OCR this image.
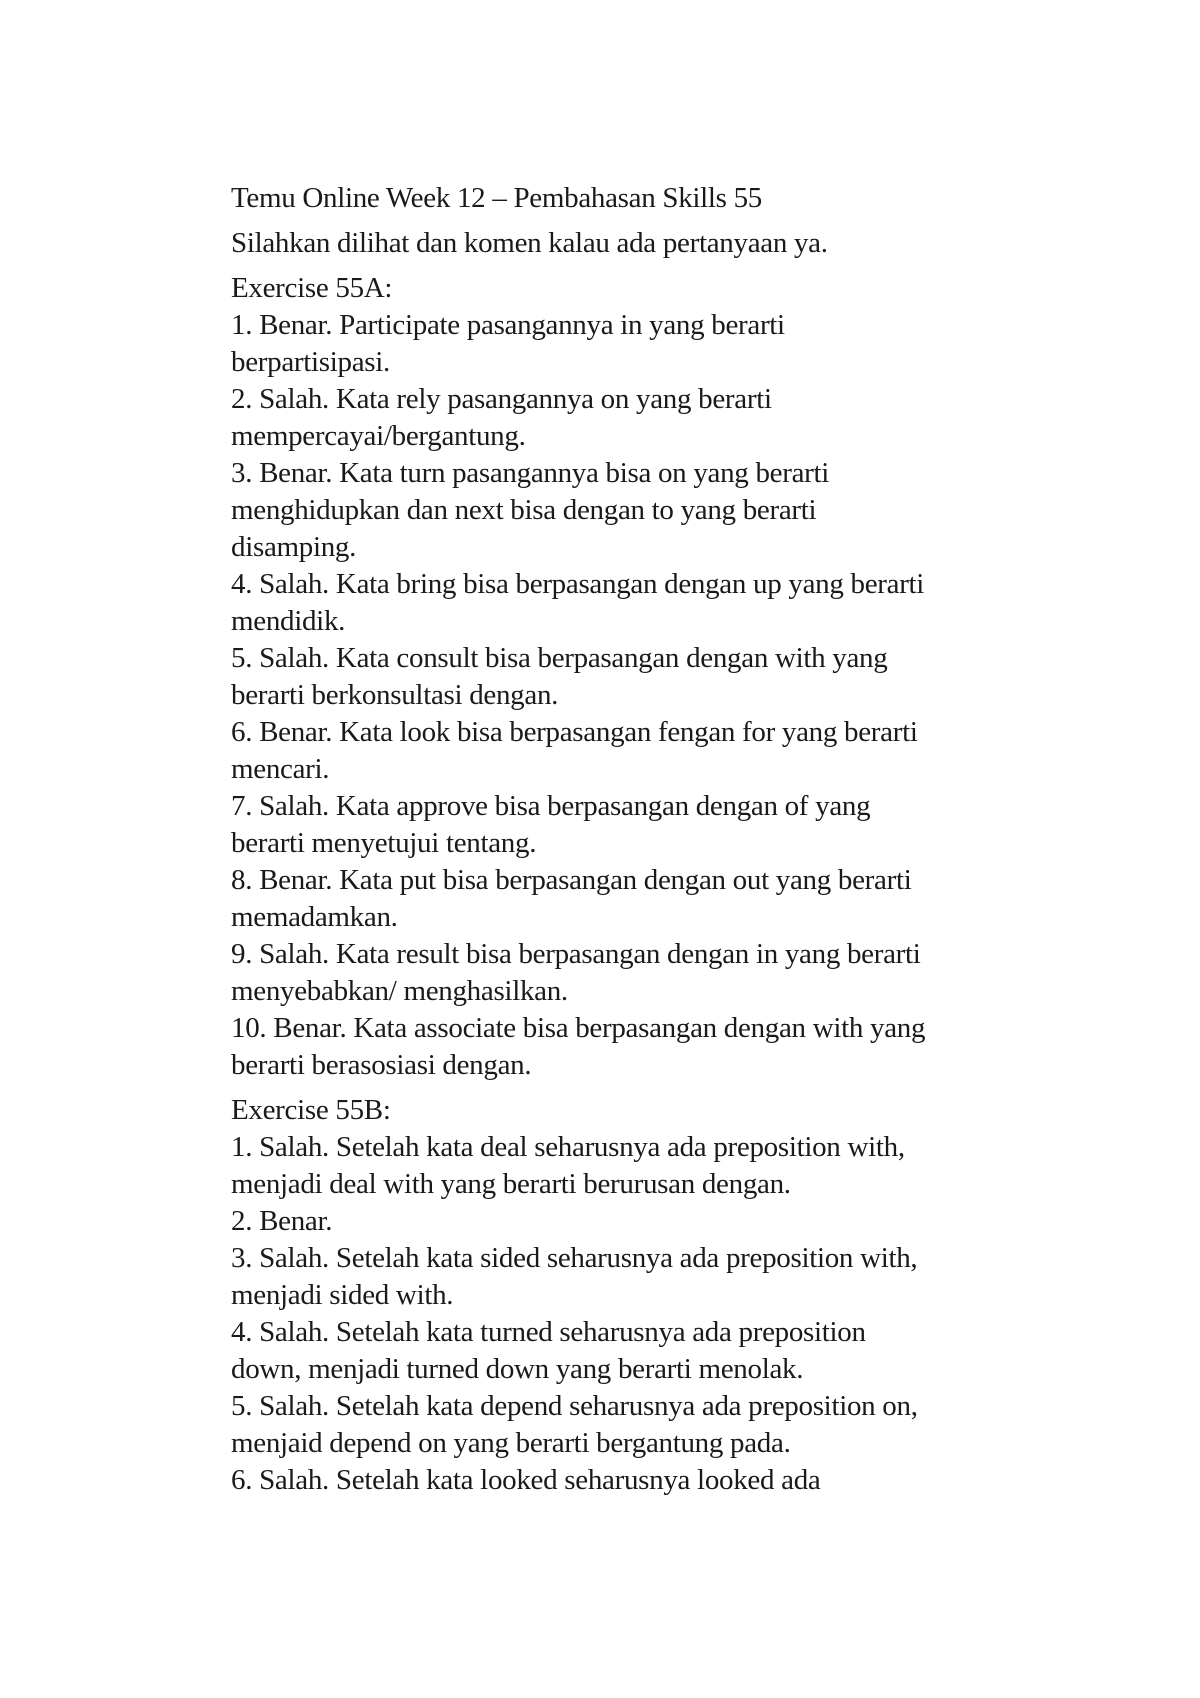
Temu Online Week 12 – Pembahasan Skills 55
Silahkan dilihat dan komen kalau ada pertanyaan ya.
Exercise 55A:
1. Benar. Participate pasangannya in yang berarti
berpartisipasi.
2. Salah. Kata rely pasangannya on yang berarti
mempercayai/bergantung.
3. Benar. Kata turn pasangannya bisa on yang berarti
menghidupkan dan next bisa dengan to yang berarti
disamping.
4. Salah. Kata bring bisa berpasangan dengan up yang berarti
mendidik.
5. Salah. Kata consult bisa berpasangan dengan with yang
berarti berkonsultasi dengan.
6. Benar. Kata look bisa berpasangan fengan for yang berarti
mencari.
7. Salah. Kata approve bisa berpasangan dengan of yang
berarti menyetujui tentang.
8. Benar. Kata put bisa berpasangan dengan out yang berarti
memadamkan.
9. Salah. Kata result bisa berpasangan dengan in yang berarti
menyebabkan/ menghasilkan.
10. Benar. Kata associate bisa berpasangan dengan with yang
berarti berasosiasi dengan.
Exercise 55B:
1. Salah. Setelah kata deal seharusnya ada preposition with,
menjadi deal with yang berarti berurusan dengan.
2. Benar.
3. Salah. Setelah kata sided seharusnya ada preposition with,
menjadi sided with.
4. Salah. Setelah kata turned seharusnya ada preposition
down, menjadi turned down yang berarti menolak.
5. Salah. Setelah kata depend seharusnya ada preposition on,
menjaid depend on yang berarti bergantung pada.
6. Salah. Setelah kata looked seharusnya looked ada
